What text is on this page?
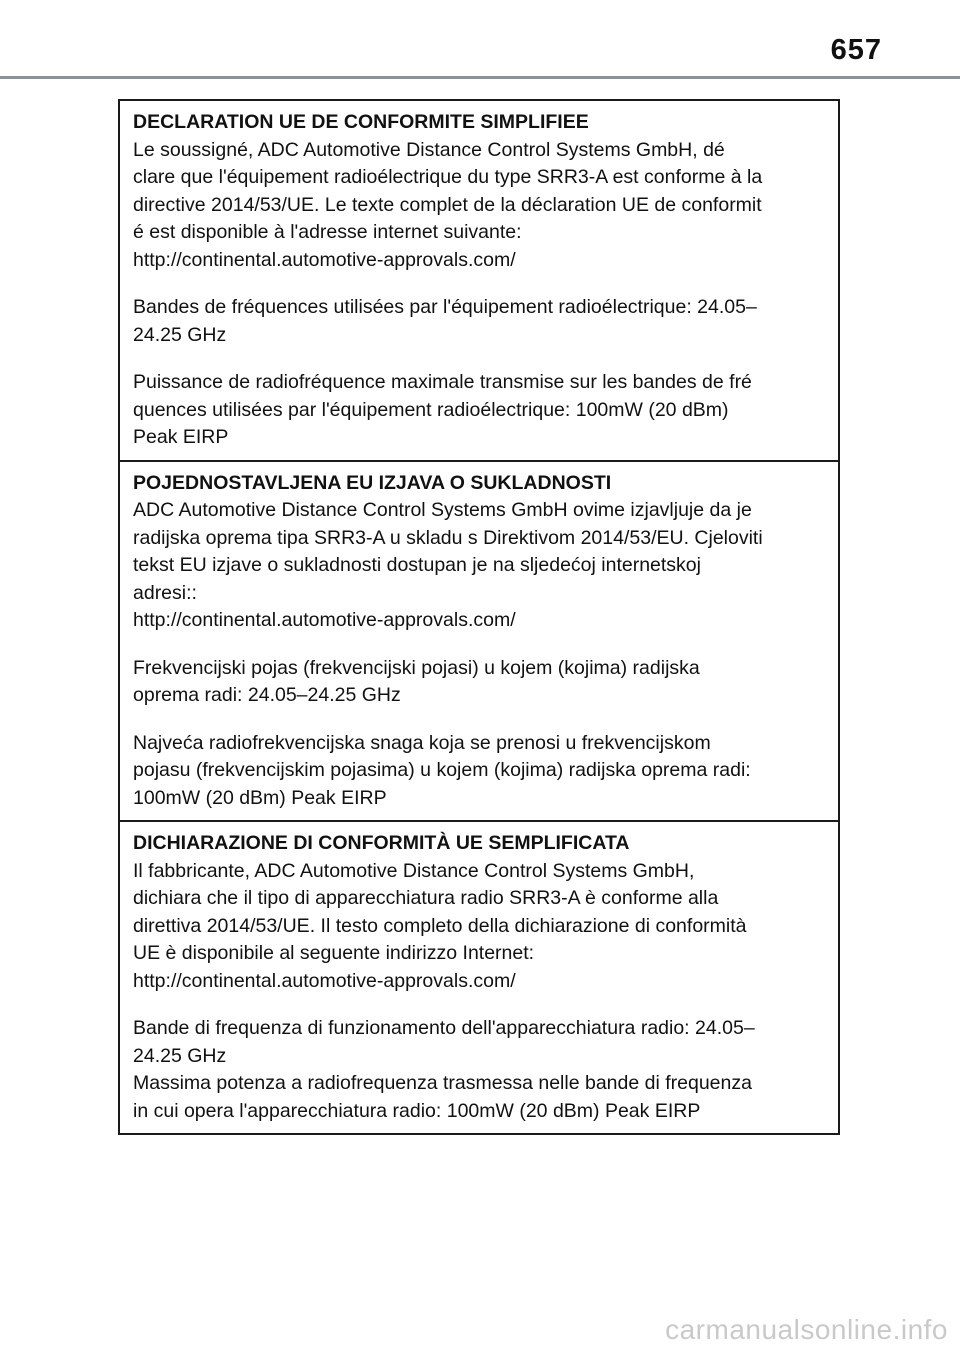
657
DECLARATION UE DE CONFORMITE SIMPLIFIEE
Le soussigné, ADC Automotive Distance Control Systems GmbH, dé
clare que l'équipement radioélectrique du type SRR3-A est conforme à la
directive 2014/53/UE. Le texte complet de la déclaration UE de conformit
é est disponible à l'adresse internet suivante:
http://continental.automotive-approvals.com/
Bandes de fréquences utilisées par l'équipement radioélectrique: 24.05–
24.25 GHz
Puissance de radiofréquence maximale transmise sur les bandes de fré
quences utilisées par l'équipement radioélectrique: 100mW (20 dBm)
Peak EIRP
POJEDNOSTAVLJENA EU IZJAVA O SUKLADNOSTI
ADC Automotive Distance Control Systems GmbH ovime izjavljuje da je
radijska oprema tipa SRR3-A u skladu s Direktivom 2014/53/EU. Cjeloviti
tekst EU izjave o sukladnosti dostupan je na sljedećoj internetskoj
adresi::
http://continental.automotive-approvals.com/
Frekvencijski pojas (frekvencijski pojasi) u kojem (kojima) radijska
oprema radi: 24.05–24.25 GHz
Najveća radiofrekvencijska snaga koja se prenosi u frekvencijskom
pojasu (frekvencijskim pojasima) u kojem (kojima) radijska oprema radi:
100mW (20 dBm) Peak EIRP
DICHIARAZIONE DI CONFORMITÀ UE SEMPLIFICATA
Il fabbricante, ADC Automotive Distance Control Systems GmbH,
dichiara che il tipo di apparecchiatura radio SRR3-A è conforme alla
direttiva 2014/53/UE. Il testo completo della dichiarazione di conformità
UE è disponibile al seguente indirizzo Internet:
http://continental.automotive-approvals.com/
Bande di frequenza di funzionamento dell'apparecchiatura radio: 24.05–
24.25 GHz
Massima potenza a radiofrequenza trasmessa nelle bande di frequenza
in cui opera l'apparecchiatura radio: 100mW (20 dBm) Peak EIRP
carmanualsonline.info
